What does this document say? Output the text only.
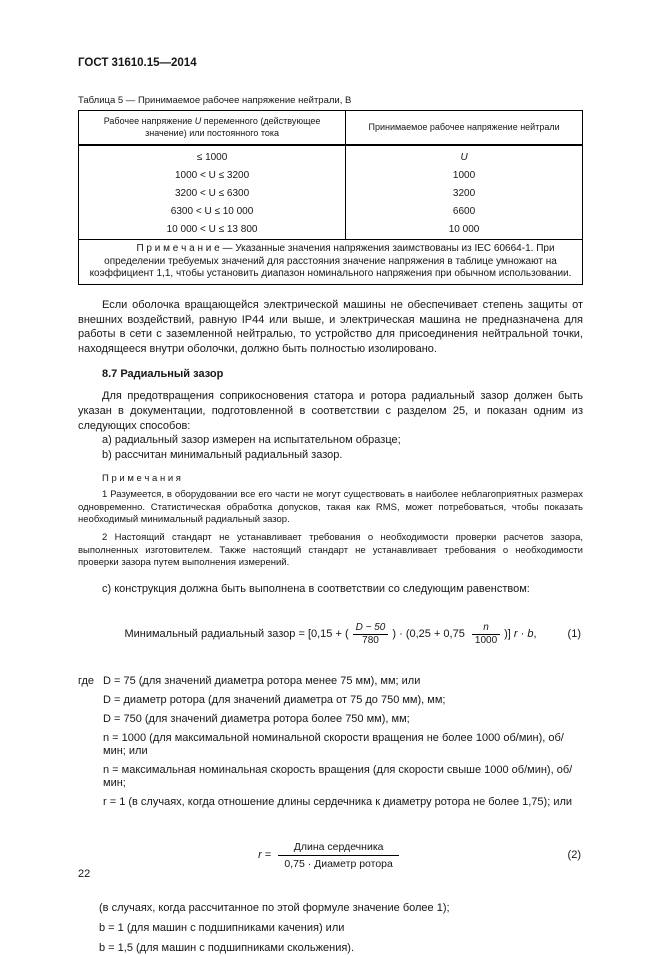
ГОСТ 31610.15—2014
Таблица 5 — Принимаемое рабочее напряжение нейтрали, В
Рабочее напряжение U переменного (действующее значение) или постоянного тока	Принимаемое рабочее напряжение нейтрали
≤ 1000	U
1000 < U ≤ 3200	1000
3200 < U ≤ 6300	3200
6300 < U ≤ 10 000	6600
10 000 < U ≤ 13 800	10 000
П р и м е ч а н и е — Указанные значения напряжения заимствованы из IEC 60664-1. При определении требуемых значений для расстояния значение напряжения в таблице умножают на коэффициент 1,1, чтобы установить диапазон номинального напряжения при обычном использовании.	

Если оболочка вращающейся электрической машины не обеспечивает степень защиты от внешних воздействий, равную IP44 или выше, и электрическая машина не предназначена для работы в сети с заземленной нейтралью, то устройство для присоединения нейтральной точки, находящееся внутри оболочки, должно быть полностью изолировано.

8.7 Радиальный зазор

Для предотвращения соприкосновения статора и ротора радиальный зазор должен быть указан в документации, подготовленной в соответствии с разделом 25, и показан одним из следующих способов:

a) радиальный зазор измерен на испытательном образце;
b) рассчитан минимальный радиальный зазор.
П р и м е ч а н и я

1 Разумеется, в оборудовании все его части не могут существовать в наиболее неблагоприятных размерах одновременно. Статистическая обработка допусков, такая как RMS, может потребоваться, чтобы показать необходимый минимальный радиальный зазор.

2 Настоящий стандарт не устанавливает требования о необходимости проверки расчетов зазора, выполненных изготовителем. Также настоящий стандарт не устанавливает требования о необходимости проверки зазора путем выполнения измерений.

c) конструкция должна быть выполнена в соответствии со следующим равенством:
Минимальный радиальный зазор = [0,15 + ( $\frac{D - 50}{780}$ ) · ($0,25 + 0,75 \frac{n}{1000}$ )] r · b ,	(1)
где D = 75 (для значений диаметра ротора менее 75 мм), мм; или
D = диаметр ротора (для значений диаметра от 75 до 750 мм), мм;
D = 750 (для значений диаметра ротора более 750 мм), мм;
n = 1000 (для максимальной номинальной скорости вращения не более 1000 об/мин), об/мин; или
n = максимальная номинальная скорость вращения (для скорости свыше 1000 об/мин), об/мин;
r = 1 (в случаях, когда отношение длины сердечника к диаметру ротора не более 1,75); или
$r = \frac{\text{Длина сердечника}}{\text{0,75 · Диаметр ротора}}$	(2)
(в случаях, когда рассчитанное по этой формуле значение более 1);
b = 1 (для машин с подшипниками качения) или
b = 1,5 (для машин с подшипниками скольжения).
22
